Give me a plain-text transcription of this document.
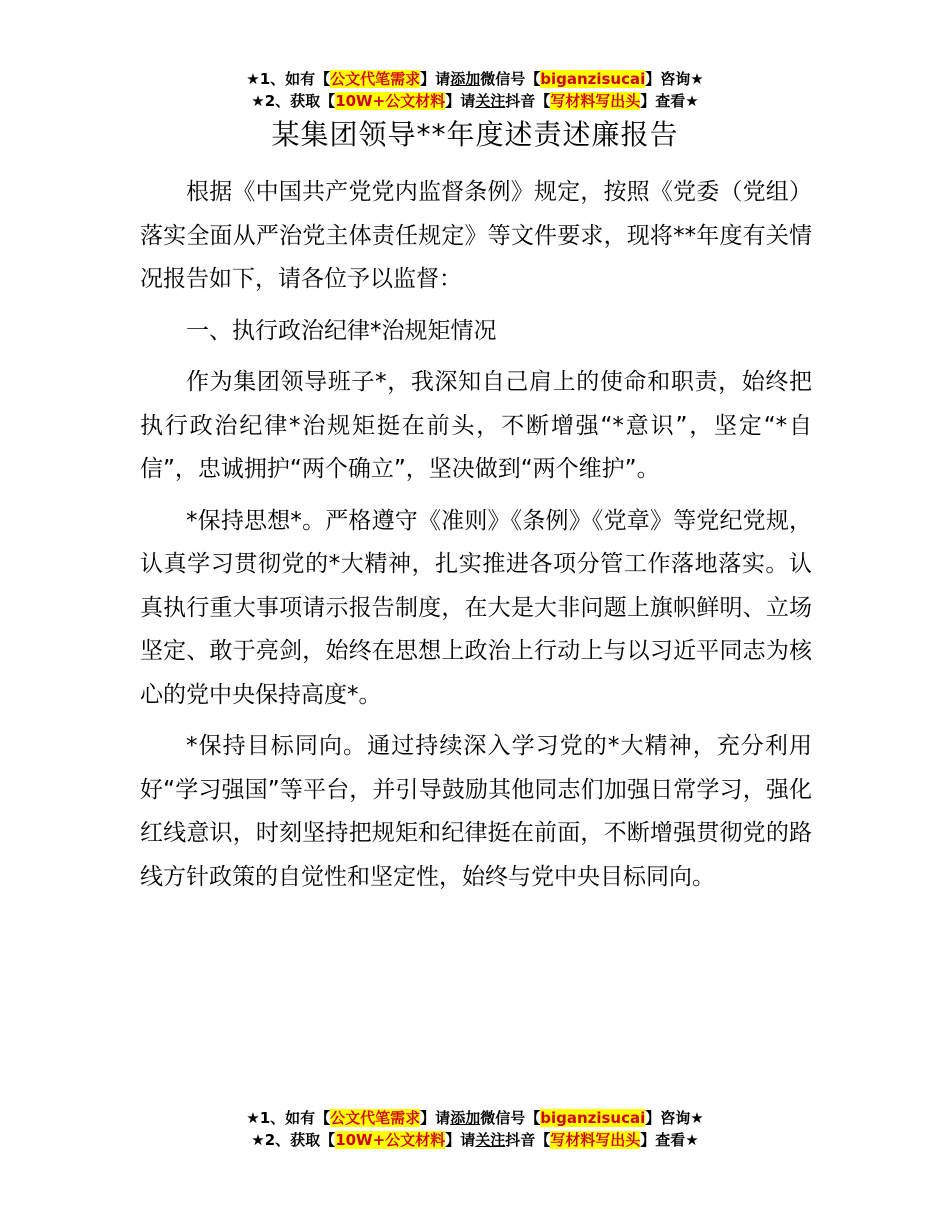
★1、如有【公文代笔需求】请添加微信号【biganzisucai】咨询★
★2、获取【10W+公文材料】请关注抖音【写材料写出头】查看★
某集团领导**年度述责述廉报告

根据《中国共产党党内监督条例》规定，按照《党委（党组）落实全面从严治党主体责任规定》等文件要求，现将**年度有关情况报告如下，请各位予以监督：

一、执行政治纪律*治规矩情况

作为集团领导班子*，我深知自己肩上的使命和职责，始终把执行政治纪律*治规矩挺在前头，不断增强“*意识”，坚定“*自信”，忠诚拥护“两个确立”，坚决做到“两个维护”。

*保持思想*。严格遵守《准则》《条例》《党章》等党纪党规，认真学习贯彻党的*大精神，扎实推进各项分管工作落地落实。认真执行重大事项请示报告制度，在大是大非问题上旗帜鲜明、立场坚定、敢于亮剑，始终在思想上政治上行动上与以习近平同志为核心的党中央保持高度*。

*保持目标同向。通过持续深入学习党的*大精神，充分利用好“学习强国”等平台，并引导鼓励其他同志们加强日常学习，强化红线意识，时刻坚持把规矩和纪律挺在前面，不断增强贯彻党的路线方针政策的自觉性和坚定性，始终与党中央目标同向。

★1、如有【公文代笔需求】请添加微信号【biganzisucai】咨询★
★2、获取【10W+公文材料】请关注抖音【写材料写出头】查看★
